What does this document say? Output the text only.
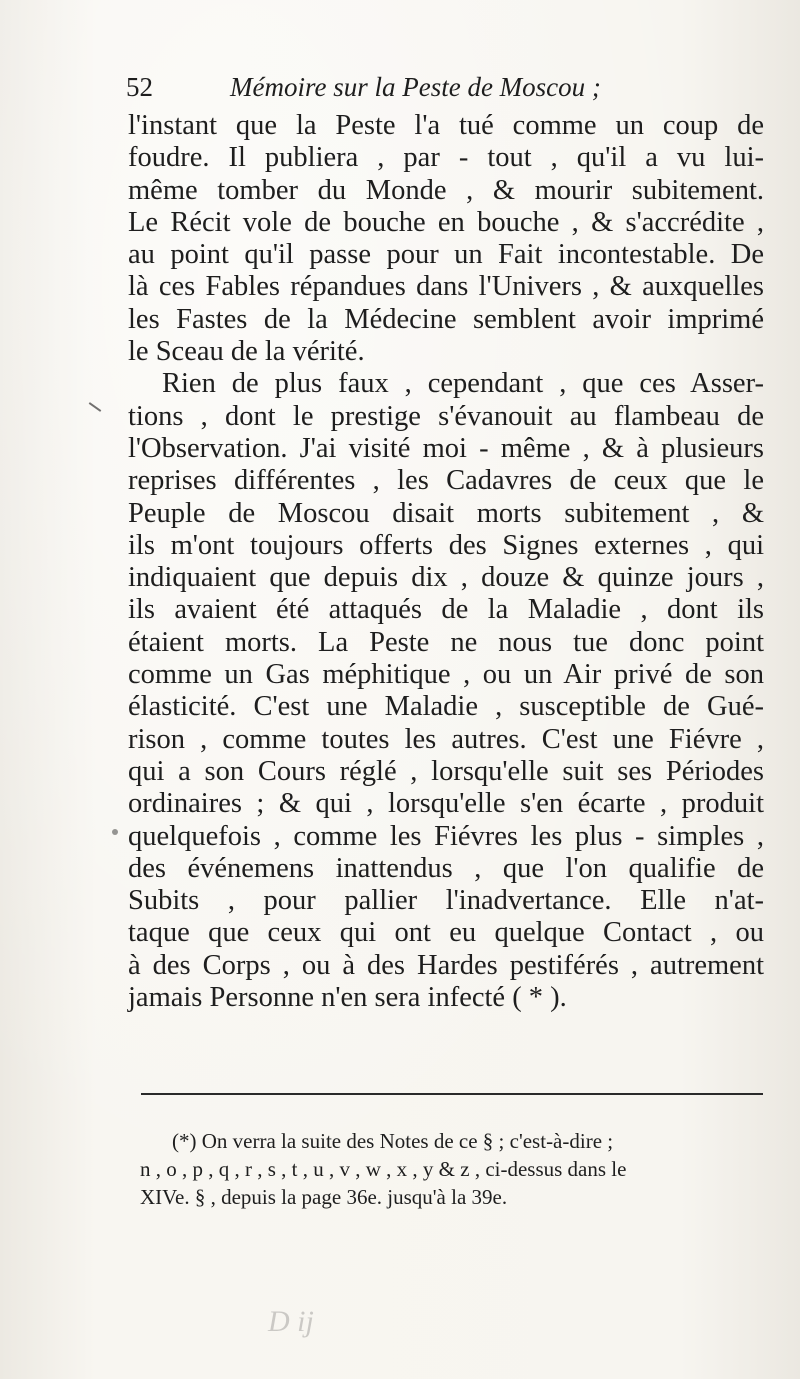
52	Mémoire sur la Peste de Moscou ;
l'instant que la Peste l'a tué comme un coup de
foudre. Il publiera , par - tout , qu'il a vu lui-
même tomber du Monde , & mourir subitement.
Le Récit vole de bouche en bouche , & s'accrédite ,
au point qu'il passe pour un Fait incontestable. De
là ces Fables répandues dans l'Univers , & auxquelles
les Fastes de la Médecine semblent avoir imprimé
le Sceau de la vérité.
Rien de plus faux , cependant , que ces Asser-
tions , dont le prestige s'évanouit au flambeau de
l'Observation. J'ai visité moi - même , & à plusieurs
reprises différentes , les Cadavres de ceux que le
Peuple de Moscou disait morts subitement , &
ils m'ont toujours offerts des Signes externes , qui
indiquaient que depuis dix , douze & quinze jours ,
ils avaient été attaqués de la Maladie , dont ils
étaient morts. La Peste ne nous tue donc point
comme un Gas méphitique , ou un Air privé de son
élasticité. C'est une Maladie , susceptible de Gué-
rison , comme toutes les autres. C'est une Fiévre ,
qui a son Cours réglé , lorsqu'elle suit ses Périodes
ordinaires ; & qui , lorsqu'elle s'en écarte , produit
quelquefois , comme les Fiévres les plus - simples ,
des événemens inattendus , que l'on qualifie de
Subits , pour pallier l'inadvertance. Elle n'at-
taque que ceux qui ont eu quelque Contact , ou
à des Corps , ou à des Hardes pestiférés , autrement
jamais Personne n'en sera infecté ( * ).
(*) On verra la suite des Notes de ce § ; c'est-à-dire ;
n , o , p , q , r , s , t , u , v , w , x , y & z , ci-dessus dans le
XIVe. § , depuis la page 36e. jusqu'à la 39e.
D ij
